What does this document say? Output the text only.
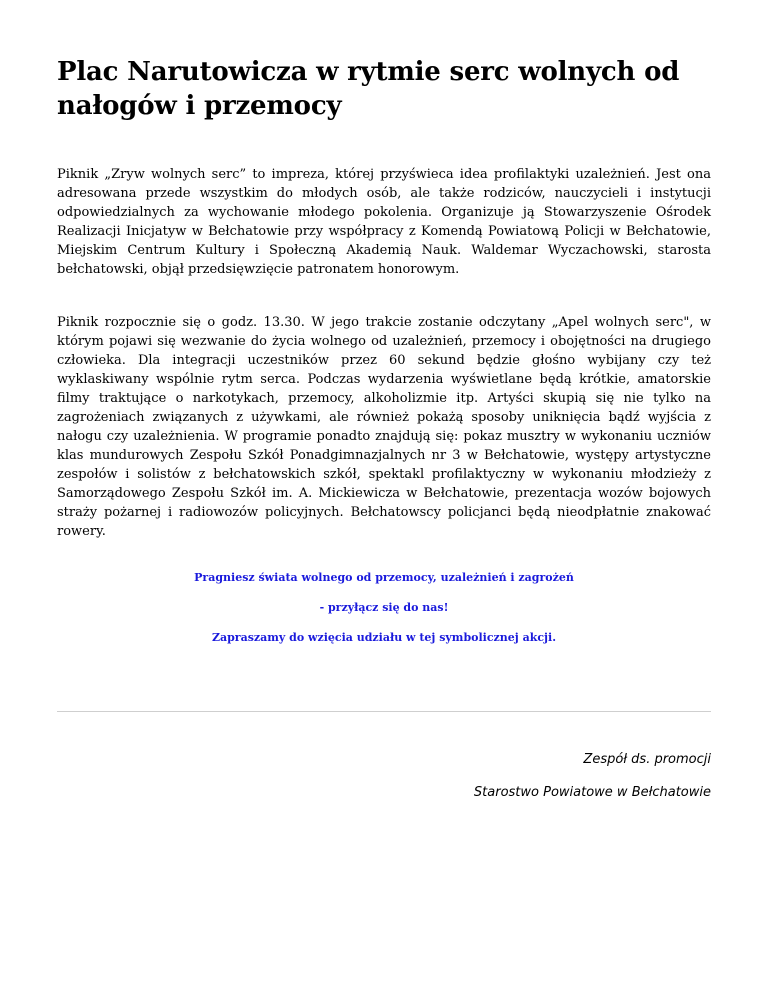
Plac Narutowicza w rytmie serc wolnych od nałogów i przemocy

Piknik „Zryw wolnych serc” to impreza, której przyświeca idea profilaktyki uzależnień. Jest ona adresowana przede wszystkim do młodych osób, ale także rodziców, nauczycieli i instytucji odpowiedzialnych za wychowanie młodego pokolenia. Organizuje ją Stowarzyszenie Ośrodek Realizacji Inicjatyw w Bełchatowie przy współpracy z Komendą Powiatową Policji w Bełchatowie, Miejskim Centrum Kultury i Społeczną Akademią Nauk. Waldemar Wyczachowski, starosta bełchatowski, objął przedsięwzięcie patronatem honorowym.

Piknik rozpocznie się o godz. 13.30. W jego trakcie zostanie odczytany „Apel wolnych serc", w którym pojawi się wezwanie do życia wolnego od uzależnień, przemocy i obojętności na drugiego człowieka. Dla integracji uczestników przez 60 sekund będzie głośno wybijany czy też wyklaskiwany wspólnie rytm serca. Podczas wydarzenia wyświetlane będą krótkie, amatorskie filmy traktujące o narkotykach, przemocy, alkoholizmie itp. Artyści skupią się nie tylko na zagrożeniach związanych z używkami, ale również pokażą sposoby uniknięcia bądź wyjścia z nałogu czy uzależnienia. W programie ponadto znajdują się: pokaz musztry w wykonaniu uczniów klas mundurowych Zespołu Szkół Ponadgimnazjalnych nr 3 w Bełchatowie, występy artystyczne zespołów i solistów z bełchatowskich szkół, spektakl profilaktyczny w wykonaniu młodzieży z Samorządowego Zespołu Szkół im. A. Mickiewicza w Bełchatowie, prezentacja wozów bojowych straży pożarnej i radiowozów policyjnych. Bełchatowscy policjanci będą nieodpłatnie znakować rowery.

Pragniesz świata wolnego od przemocy, uzależnień i zagrożeń

- przyłącz się do nas!

Zapraszamy do wzięcia udziału w tej symbolicznej akcji.

Zespół ds. promocji

Starostwo Powiatowe w Bełchatowie
